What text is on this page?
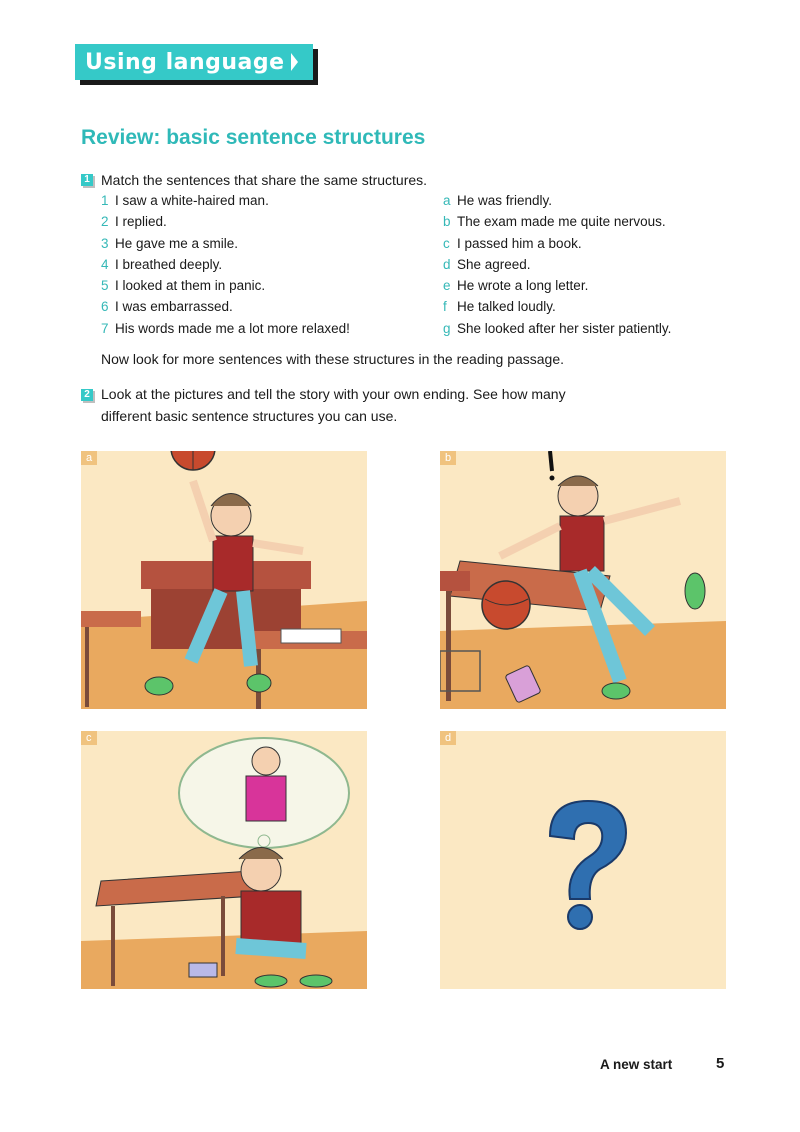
Using language
Review: basic sentence structures
1 Match the sentences that share the same structures.
1 I saw a white-haired man.
2 I replied.
3 He gave me a smile.
4 I breathed deeply.
5 I looked at them in panic.
6 I was embarrassed.
7 His words made me a lot more relaxed!
a He was friendly.
b The exam made me quite nervous.
c I passed him a book.
d She agreed.
e He wrote a long letter.
f He talked loudly.
g She looked after her sister patiently.
Now look for more sentences with these structures in the reading passage.
2 Look at the pictures and tell the story with your own ending. See how many
different basic sentence structures you can use.
a	b
c	d
A new start	5
